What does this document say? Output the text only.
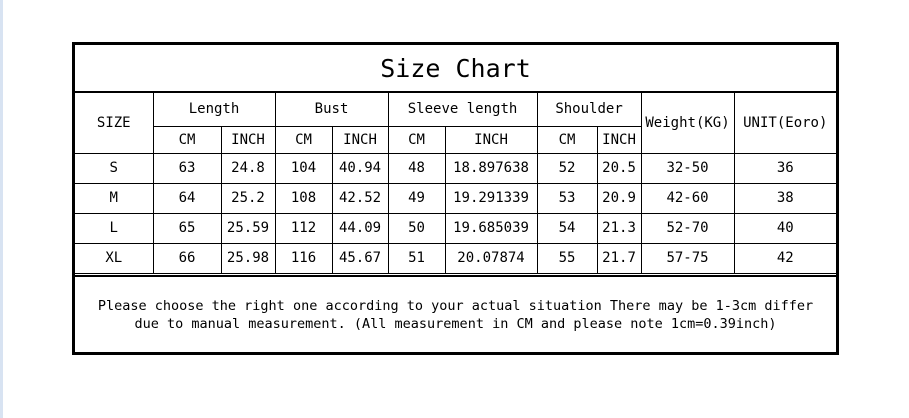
Size Chart
SIZE	Length		Bust		Sleeve length		Shoulder		Weight(KG)	UNIT(Eoro)
	CM	INCH	CM	INCH	CM	INCH	CM	INCH		
S	63	24.8	104	40.94	48	18.897638	52	20.5	32-50	36
M	64	25.2	108	42.52	49	19.291339	53	20.9	42-60	38
L	65	25.59	112	44.09	50	19.685039	54	21.3	52-70	40
XL	66	25.98	116	45.67	51	20.07874	55	21.7	57-75	42
Please choose the right one according to your actual situation There may be 1-3cm differ due to manual measurement. (All measurement in CM and please note 1cm=0.39inch)
